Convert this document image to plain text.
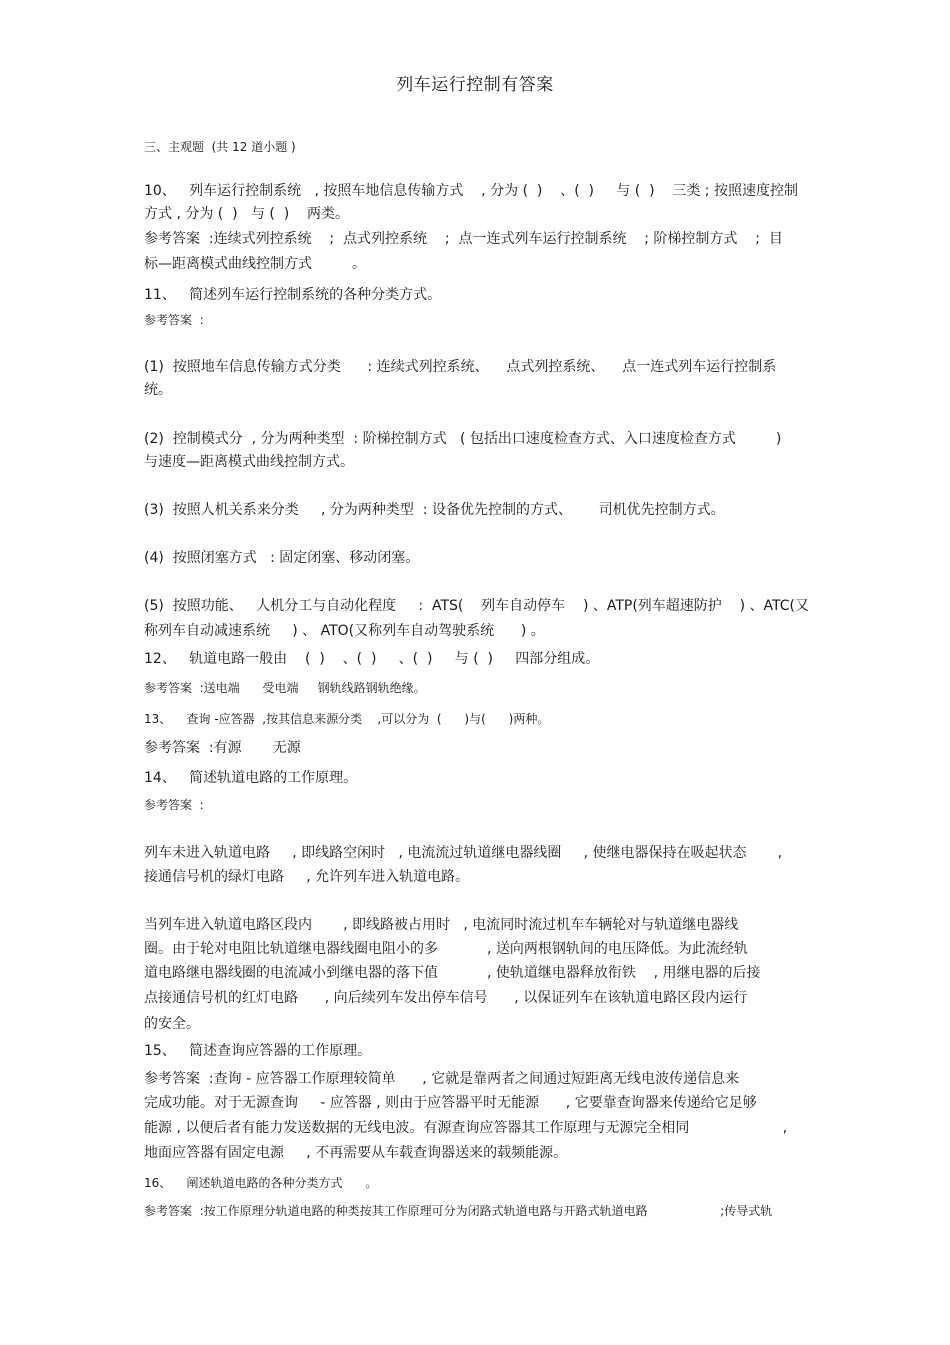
列车运行控制有答案
三、主观题  (共 12 道小题 )
10、   列车运行控制系统   , 按照车地信息传输方式    , 分为 (  )    、(  )     与 (  )    三类 ; 按照速度控制
方式 , 分为 (  )   与 (  )    两类。
参考答案  :连续式列控系统    ;  点式列控系统    ;  点一连式列车运行控制系统    ; 阶梯控制方式    ;  目
标—距离模式曲线控制方式         。
11、   简述列车运行控制系统的各种分类方式。
参考答案  :
(1)  按照地车信息传输方式分类      : 连续式列控系统、    点式列控系统、    点一连式列车运行控制系
统。
(2)  控制模式分  , 分为两种类型  : 阶梯控制方式   ( 包括出口速度检查方式、入口速度检查方式         )
与速度—距离模式曲线控制方式。
(3)  按照人机关系来分类     , 分为两种类型  : 设备优先控制的方式、      司机优先控制方式。
(4)  按照闭塞方式   : 固定闭塞、移动闭塞。
(5)  按照功能、   人机分工与自动化程度     :  ATS(    列车自动停车    ) 、ATP(列车超速防护    ) 、ATC(又
称列车自动减速系统     ) 、 ATO(又称列车自动驾驶系统      ) 。
12、   轨道电路一般由    (  )    、(  )     、(  )     与 (  )     四部分组成。
参考答案  :送电端      受电端     钢轨线路钢轨绝缘。
13、    查询 -应答器  ,按其信息来源分类    ,可以分为  (      )与(      )两种。
参考答案  :有源       无源
14、   简述轨道电路的工作原理。
参考答案  :
列车未进入轨道电路     , 即线路空闲时   , 电流流过轨道继电器线圈     , 使继电器保持在吸起状态       ,
接通信号机的绿灯电路     , 允许列车进入轨道电路。
当列车进入轨道电路区段内       , 即线路被占用时   , 电流同时流过机车车辆轮对与轨道继电器线
圈。由于轮对电阻比轨道继电器线圈电阻小的多           , 送向两根钢轨间的电压降低。为此流经轨
道电路继电器线圈的电流减小到继电器的落下值           , 使轨道继电器释放衔铁    , 用继电器的后接
点接通信号机的红灯电路      , 向后续列车发出停车信号      , 以保证列车在该轨道电路区段内运行
的安全。
15、   简述查询应答器的工作原理。
参考答案  :查询 - 应答器工作原理较简单      , 它就是靠两者之间通过短距离无线电波传递信息来
完成功能。对于无源查询     - 应答器 , 则由于应答器平时无能源      , 它要靠查询器来传递给它足够
能源 , 以便后者有能力发送数据的无线电波。有源查询应答器其工作原理与无源完全相同                     ,
地面应答器有固定电源     , 不再需要从车载查询器送来的载频能源。
16、    阐述轨道电路的各种分类方式      。
参考答案  :按工作原理分轨道电路的种类按其工作原理可分为闭路式轨道电路与开路式轨道电路                   ;传导式轨
